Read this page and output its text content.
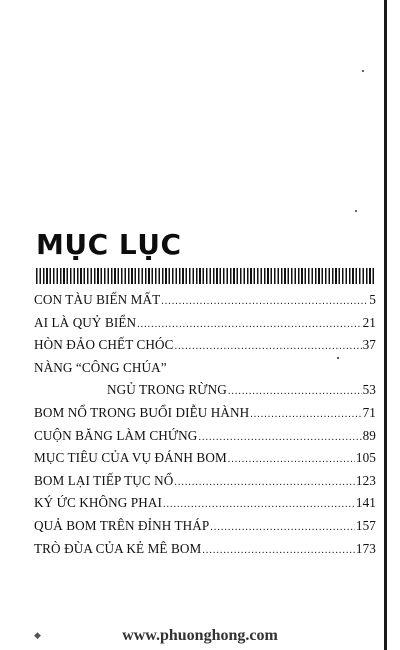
MỤC LỤC
CON TÀU BIẾN MẤT .....	5
AI LÀ QUỶ BIỂN .....	21
HÒN ĐẢO CHẾT CHÓC .....	37
NÀNG “CÔNG CHÚA”
NGỦ TRONG RỪNG .....	53
BOM NỔ TRONG BUỔI DIỄU HÀNH .....	71
CUỘN BĂNG LÀM CHỨNG .....	89
MỤC TIÊU CỦA VỤ ĐÁNH BOM .....	105
BOM LẠI TIẾP TỤC NỔ .....	123
KÝ ỨC KHÔNG PHAI .....	141
QUẢ BOM TRÊN ĐỈNH THÁP .....	157
TRÒ ĐÙA CỦA KẺ MÊ BOM .....	173
◆	www.phuonghong.com
